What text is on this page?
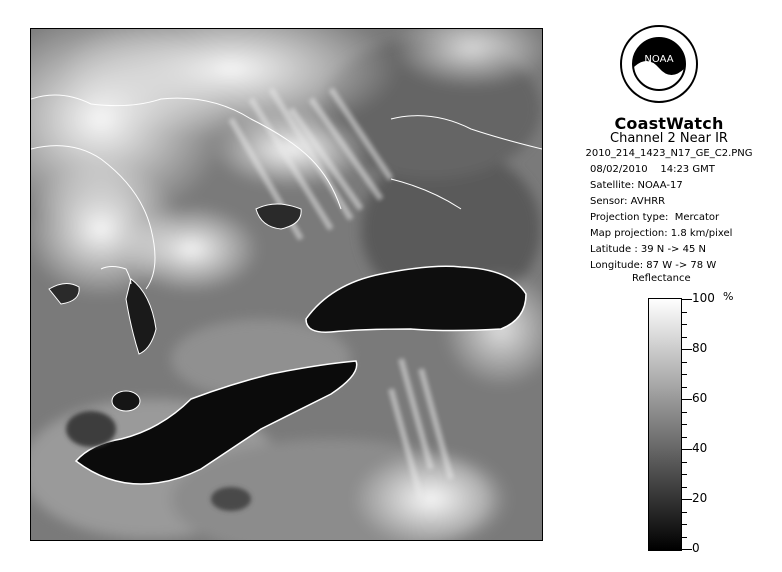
NOAA
CoastWatch
Channel 2 Near IR
2010_214_1423_N17_GE_C2.PNG
08/02/2010    14:23 GMT
Satellite: NOAA-17
Sensor: AVHRR
Projection type:  Mercator
Map projection: 1.8 km/pixel
Latitude : 39 N -> 45 N
Longitude: 87 W -> 78 W
Reflectance
%
100
80
60
40
20
0
